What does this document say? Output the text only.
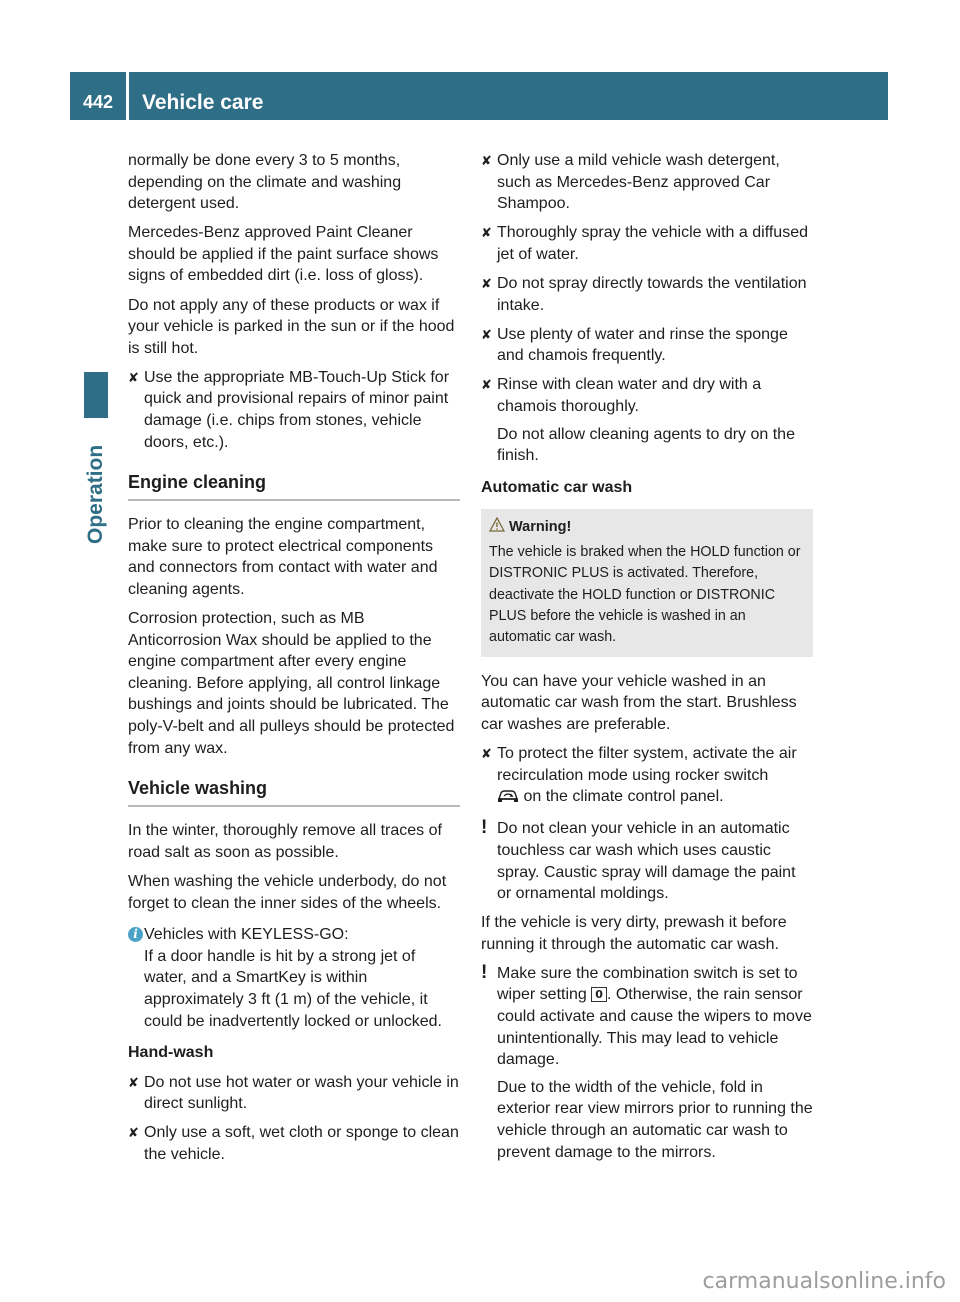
442	Vehicle care
Operation

normally be done every 3 to 5 months, depending on the climate and washing detergent used.

Mercedes-Benz approved Paint Cleaner should be applied if the paint surface shows signs of embedded dirt (i.e. loss of gloss).

Do not apply any of these products or wax if your vehicle is parked in the sun or if the hood is still hot.

✘ Use the appropriate MB-Touch-Up Stick for quick and provisional repairs of minor paint damage (i.e. chips from stones, vehicle doors, etc.).

Engine cleaning

Prior to cleaning the engine compartment, make sure to protect electrical components and connectors from contact with water and cleaning agents.

Corrosion protection, such as MB Anticorrosion Wax should be applied to the engine compartment after every engine cleaning. Before applying, all control linkage bushings and joints should be lubricated. The poly-V-belt and all pulleys should be protected from any wax.

Vehicle washing

In the winter, thoroughly remove all traces of road salt as soon as possible.

When washing the vehicle underbody, do not forget to clean the inner sides of the wheels.

i Vehicles with KEYLESS-GO:
If a door handle is hit by a strong jet of water, and a SmartKey is within approximately 3 ft (1 m) of the vehicle, it could be inadvertently locked or unlocked.
Hand-wash
✘ Do not use hot water or wash your vehicle in direct sunlight.

✘ Only use a soft, wet cloth or sponge to clean the vehicle.

✘ Only use a mild vehicle wash detergent, such as Mercedes-Benz approved Car Shampoo.

✘ Thoroughly spray the vehicle with a diffused jet of water.

✘ Do not spray directly towards the ventilation intake.

✘ Use plenty of water and rinse the sponge and chamois frequently.

✘ Rinse with clean water and dry with a chamois thoroughly.

Do not allow cleaning agents to dry on the finish.

Automatic car wash
Warning!
The vehicle is braked when the HOLD function or DISTRONIC PLUS is activated. Therefore, deactivate the HOLD function or DISTRONIC PLUS before the vehicle is washed in an automatic car wash.

You can have your vehicle washed in an automatic car wash from the start. Brushless car washes are preferable.

✘ To protect the filter system, activate the air recirculation mode using rocker switch
on the climate control panel.

! Do not clean your vehicle in an automatic touchless car wash which uses caustic spray. Caustic spray will damage the paint or ornamental moldings.

If the vehicle is very dirty, prewash it before running it through the automatic car wash.

! Make sure the combination switch is set to wiper setting 0 . Otherwise, the rain sensor could activate and cause the wipers to move unintentionally. This may lead to vehicle damage.

Due to the width of the vehicle, fold in exterior rear view mirrors prior to running the vehicle through an automatic car wash to prevent damage to the mirrors.

carmanualsonline.info
